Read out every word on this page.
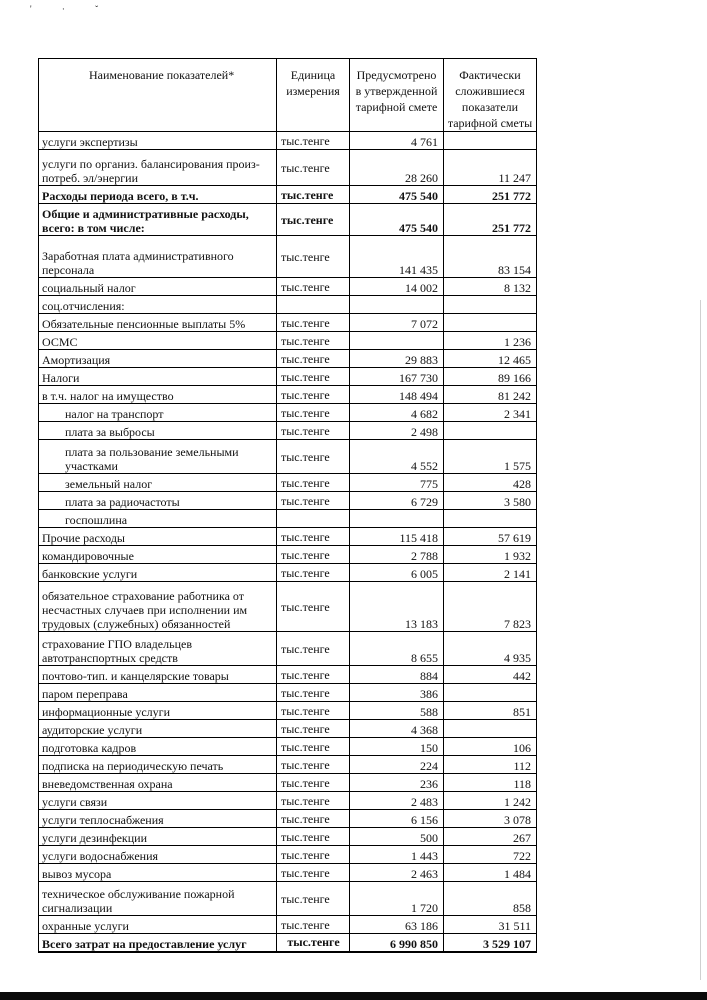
' · ˇ
Наименование показателей*	Единица измерения	Предусмотрено в утвержденной тарифной смете	Фактически сложившиеся показатели тарифной сметы
услуги экспертизы	тыс.тенге	4 761	
услуги по организ. балансирования произ-потреб. эл/энергии	тыс.тенге	28 260	11 247
Расходы периода всего, в т.ч.	тыс.тенге	475 540	251 772
Общие и административные расходы, всего: в том числе:	тыс.тенге	475 540	251 772
Заработная плата административного персонала	тыс.тенге	141 435	83 154
социальный налог	тыс.тенге	14 002	8 132
соц.отчисления:			
Обязательные пенсионные выплаты 5%	тыс.тенге	7 072	
ОСМС	тыс.тенге		1 236
Амортизация	тыс.тенге	29 883	12 465
Налоги	тыс.тенге	167 730	89 166
в т.ч. налог на имущество	тыс.тенге	148 494	81 242
налог на транспорт	тыс.тенге	4 682	2 341
плата за выбросы	тыс.тенге	2 498	
плата за пользование земельными участками	тыс.тенге	4 552	1 575
земельный налог	тыс.тенге	775	428
плата за радиочастоты	тыс.тенге	6 729	3 580
госпошлина			
Прочие расходы	тыс.тенге	115 418	57 619
командировочные	тыс.тенге	2 788	1 932
банковские услуги	тыс.тенге	6 005	2 141
обязательное страхование работника от несчастных случаев при исполнении им трудовых (служебных) обязанностей	тыс.тенге	13 183	7 823
страхование ГПО владельцев автотранспортных средств	тыс.тенге	8 655	4 935
почтово-тип. и канцелярские товары	тыс.тенге	884	442
паром переправа	тыс.тенге	386	
информационные услуги	тыс.тенге	588	851
аудиторские услуги	тыс.тенге	4 368	
подготовка кадров	тыс.тенге	150	106
подписка на периодическую печать	тыс.тенге	224	112
вневедомственная охрана	тыс.тенге	236	118
услуги связи	тыс.тенге	2 483	1 242
услуги теплоснабжения	тыс.тенге	6 156	3 078
услуги дезинфекции	тыс.тенге	500	267
услуги водоснабжения	тыс.тенге	1 443	722
вывоз мусора	тыс.тенге	2 463	1 484
техническое обслуживание пожарной сигнализации	тыс.тенге	1 720	858
охранные услуги	тыс.тенге	63 186	31 511
Всего затрат на предоставление услуг	тыс.тенге	6 990 850	3 529 107
